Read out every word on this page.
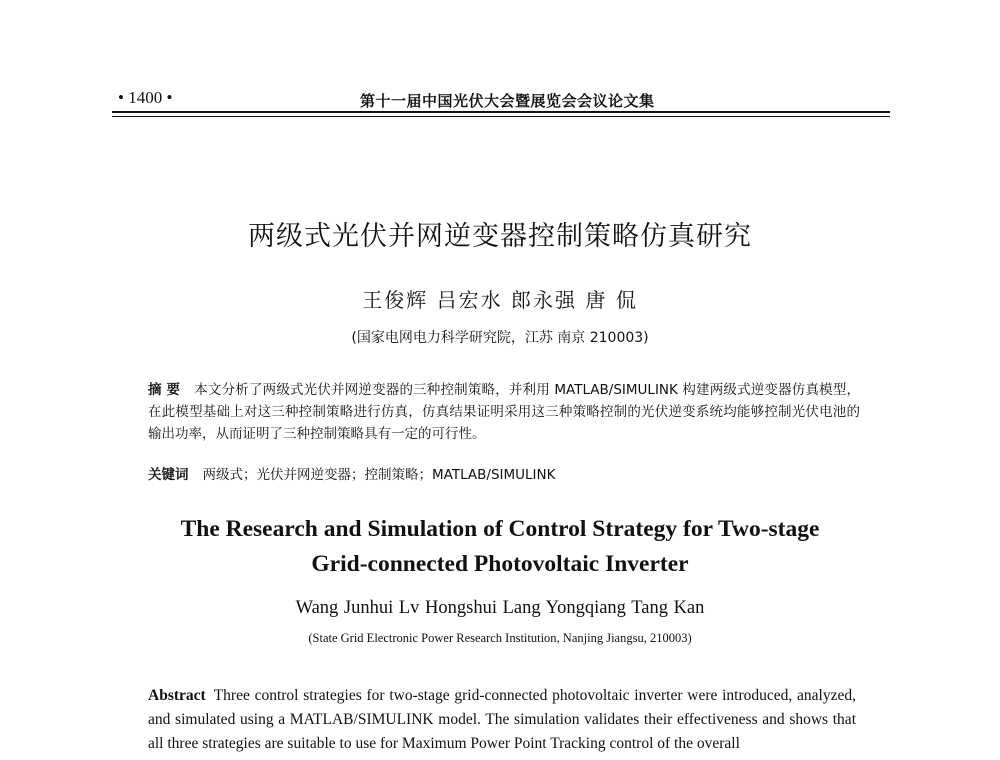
• 1400 •	第十一届中国光伏大会暨展览会会议论文集
两级式光伏并网逆变器控制策略仿真研究
王俊辉 吕宏水 郎永强 唐 侃
(国家电网电力科学研究院，江苏 南京 210003)
摘 要 本文分析了两级式光伏并网逆变器的三种控制策略，并利用 MATLAB/SIMULINK 构建两级式逆变器仿真模型，在此模型基础上对这三种控制策略进行仿真，仿真结果证明采用这三种策略控制的光伏逆变系统均能够控制光伏电池的输出功率，从而证明了三种控制策略具有一定的可行性。
关键词 两级式；光伏并网逆变器；控制策略；MATLAB/SIMULINK
The Research and Simulation of Control Strategy for Two-stage
Grid-connected Photovoltaic Inverter
Wang Junhui Lv Hongshui Lang Yongqiang Tang Kan
(State Grid Electronic Power Research Institution, Nanjing Jiangsu, 210003)
Abstract Three control strategies for two-stage grid-connected photovoltaic inverter were introduced, analyzed, and simulated using a MATLAB/SIMULINK model. The simulation validates their effectiveness and shows that all three strategies are suitable to use for Maximum Power Point Tracking control of the overall
